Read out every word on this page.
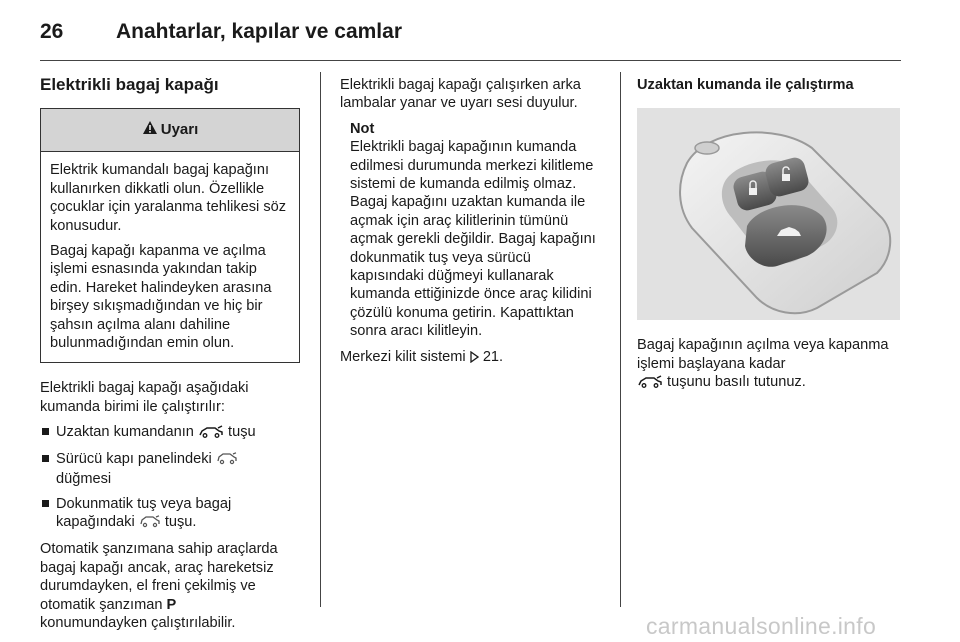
26	Anahtarlar, kapılar ve camlar
Elektrikli bagaj kapağı
Uyarı

Elektrik kumandalı bagaj kapağını kullanırken dikkatli olun. Özellikle çocuklar için yaralanma tehlikesi söz konusudur.

Bagaj kapağı kapanma ve açılma işlemi esnasında yakından takip edin. Hareket halindeyken arasına birşey sıkışmadığından ve hiç bir şahsın açılma alanı dahiline bulunmadığından emin olun.

Elektrikli bagaj kapağı aşağıdaki kumanda birimi ile çalıştırılır:

Uzaktan kumandanın  tuşu
Sürücü kapı panelindeki
düğmesi
Dokunmatik tuş veya bagaj kapağındaki  tuşu.

Otomatik şanzımana sahip araçlarda bagaj kapağı ancak, araç hareketsiz durumdayken, el freni çekilmiş ve otomatik şanzıman P
konumundayken çalıştırılabilir.

Elektrikli bagaj kapağı çalışırken arka lambalar yanar ve uyarı sesi duyulur.

Not
Elektrikli bagaj kapağının kumanda edilmesi durumunda merkezi kilitleme sistemi de kumanda edilmiş olmaz. Bagaj kapağını uzaktan kumanda ile açmak için araç kilitlerinin tümünü açmak gerekli değildir. Bagaj kapağını dokunmatik tuş veya sürücü kapısındaki düğmeyi kullanarak kumanda ettiğinizde önce araç kilidini çözülü konuma getirin. Kapattıktan sonra aracı kilitleyin.

Merkezi kilit sistemi 21.

Uzaktan kumanda ile çalıştırma

Bagaj kapağının açılma veya kapanma işlemi başlayana kadar
tuşunu basılı tutunuz.

carmanualsonline.info
